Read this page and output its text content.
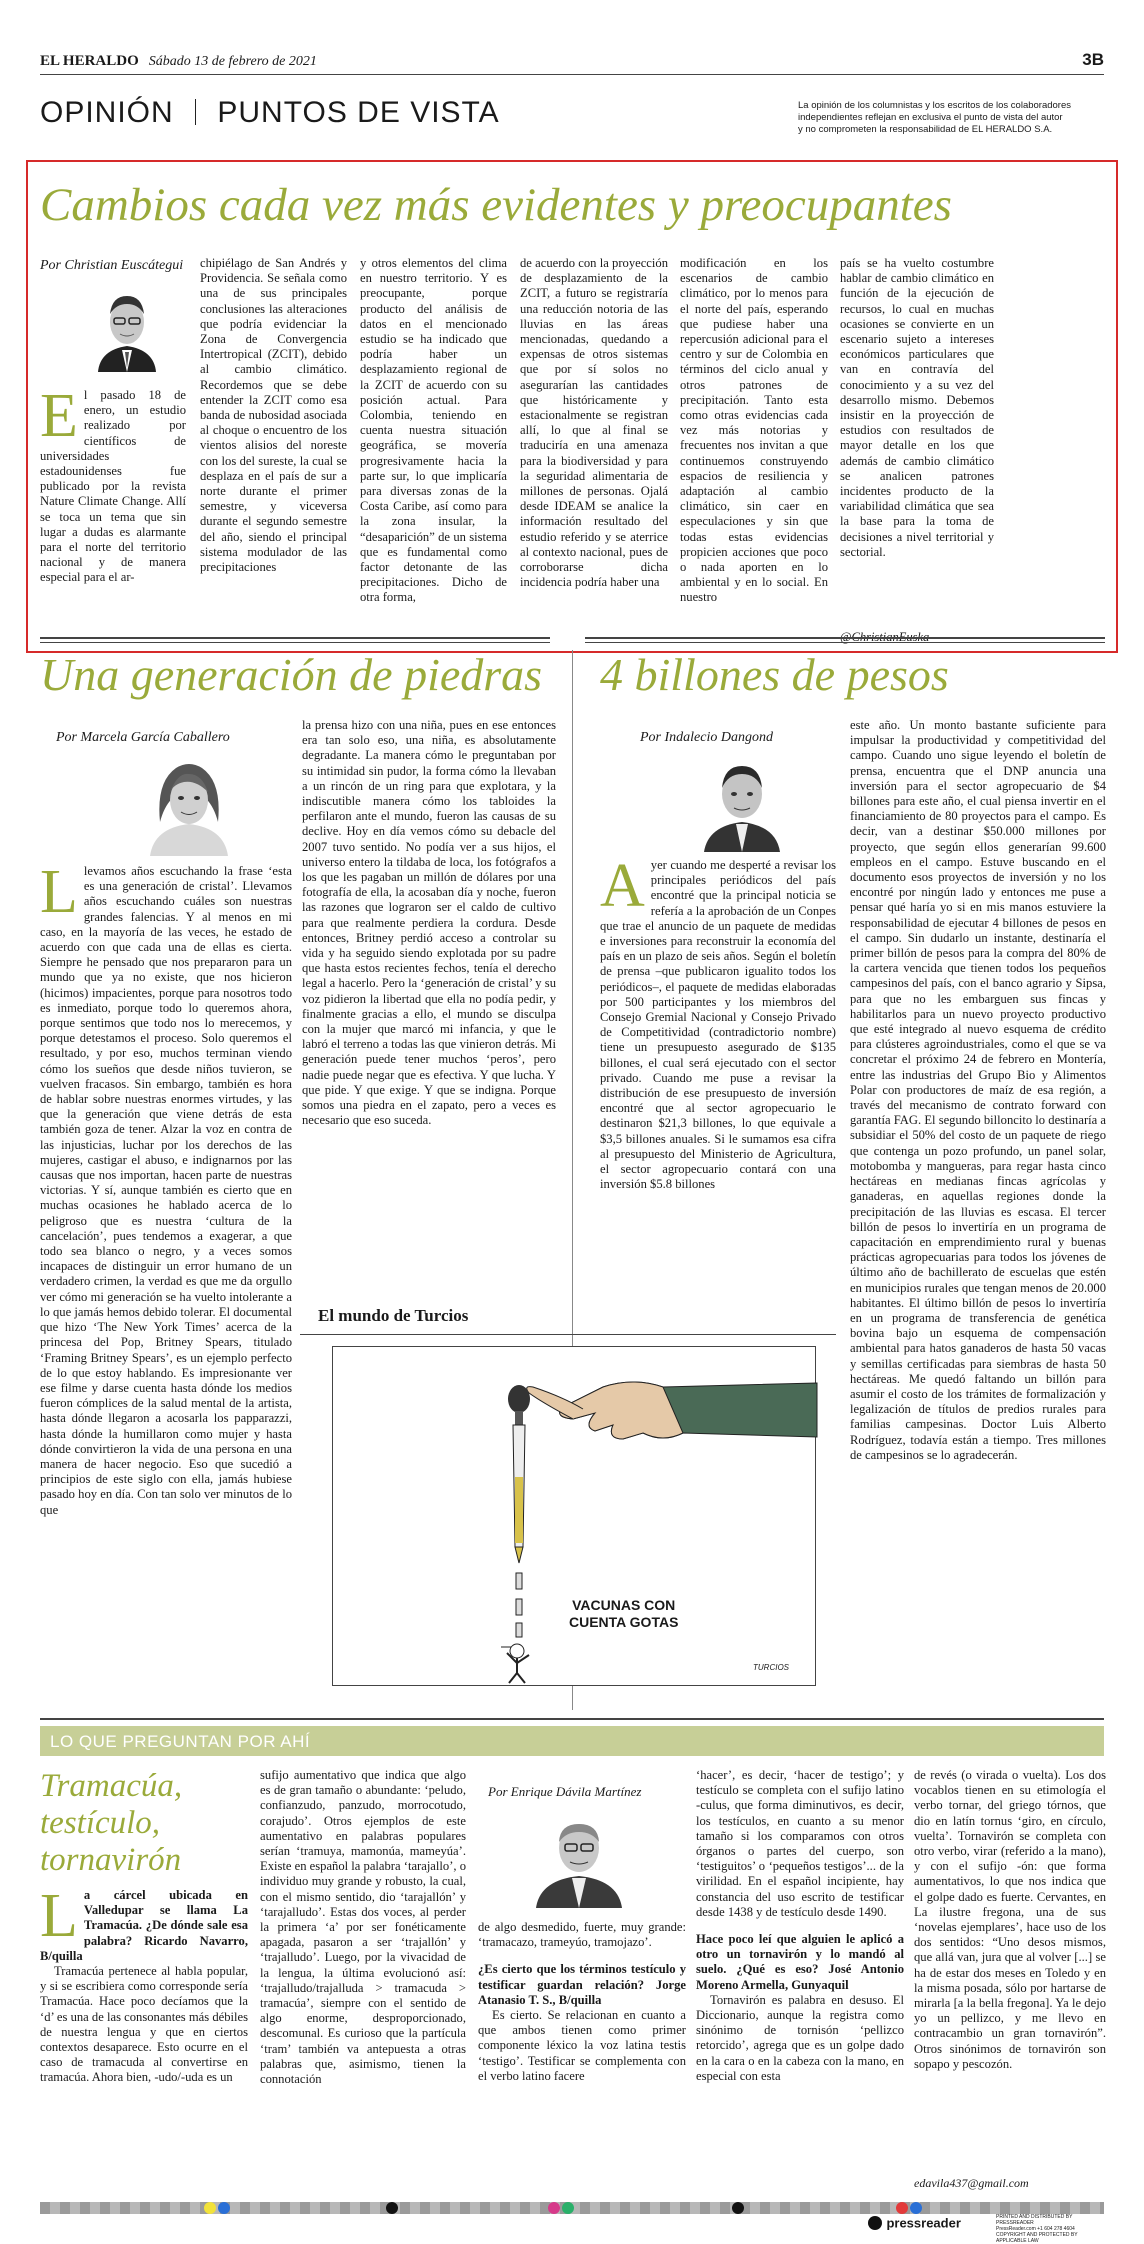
EL HERALDO Sábado 13 de febrero de 2021	3B
OPINIÓN PUNTOS DE VISTA	La opinión de los columnistas y los escritos de los colaboradores
independientes reflejan en exclusiva el punto de vista del autor
y no comprometen la responsabilidad de EL HERALDO S.A.
Cambios cada vez más evidentes y preocupantes
Por Christian Euscátegui
El pasado 18 de enero, un estudio realizado por científicos de universidades estadounidenses fue publicado por la revista Nature Climate Change. Allí se toca un tema que sin lugar a dudas es alarmante para el norte del territorio nacional y de manera especial para el ar-
chipiélago de San Andrés y Providencia. Se señala como una de sus principales conclusiones las alteraciones que podría evidenciar la Zona de Convergencia Intertropical (ZCIT), debido al cambio climático. Recordemos que se debe entender la ZCIT como esa banda de nubosidad asociada al choque o encuentro de los vientos alisios del noreste con los del sureste, la cual se desplaza en el país de sur a norte durante el primer semestre, y viceversa durante el segundo semestre del año, siendo el principal sistema modulador de las precipitaciones
y otros elementos del clima en nuestro territorio. Y es preocupante, porque producto del análisis de datos en el mencionado estudio se ha indicado que podría haber un desplazamiento regional de la ZCIT de acuerdo con su posición actual. Para Colombia, teniendo en cuenta nuestra situación geográfica, se movería progresivamente hacia la parte sur, lo que implicaría para diversas zonas de la Costa Caribe, así como para la zona insular, la “desaparición” de un sistema que es fundamental como factor detonante de las precipitaciones. Dicho de otra forma,
de acuerdo con la proyección de desplazamiento de la ZCIT, a futuro se registraría una reducción notoria de las lluvias en las áreas mencionadas, quedando a expensas de otros sistemas que por sí solos no asegurarían las cantidades que históricamente y estacionalmente se registran allí, lo que al final se traduciría en una amenaza para la biodiversidad y para la seguridad alimentaria de millones de personas. Ojalá desde IDEAM se analice la información resultado del estudio referido y se aterrice al contexto nacional, pues de corroborarse dicha incidencia podría haber una
modificación en los escenarios de cambio climático, por lo menos para el norte del país, esperando que pudiese haber una repercusión adicional para el centro y sur de Colombia en términos del ciclo anual y otros patrones de precipitación. Tanto esta como otras evidencias cada vez más notorias y frecuentes nos invitan a que continuemos construyendo espacios de resiliencia y adaptación al cambio climático, sin caer en especulaciones y sin que todas estas evidencias propicien acciones que poco o nada aporten en lo ambiental y en lo social. En nuestro
país se ha vuelto costumbre hablar de cambio climático en función de la ejecución de recursos, lo cual en muchas ocasiones se convierte en un escenario sujeto a intereses económicos particulares que van en contravía del conocimiento y a su vez del desarrollo mismo. Debemos insistir en la proyección de estudios con resultados de mayor detalle en los que además de cambio climático se analicen patrones incidentes producto de la variabilidad climática que sea la base para la toma de decisiones a nivel territorial y sectorial.
Una generación de piedras
Por Marcela García Caballero
Llevamos años escuchando la frase ‘esta es una generación de cristal’. Llevamos años escuchando cuáles son nuestras grandes falencias. Y al menos en mi caso, en la mayoría de las veces, he estado de acuerdo con que cada una de ellas es cierta. Siempre he pensado que nos prepararon para un mundo que ya no existe, que nos hicieron (hicimos) impacientes, porque para nosotros todo es inmediato, porque todo lo queremos ahora, porque sentimos que todo nos lo merecemos, y porque detestamos el proceso. Solo queremos el resultado, y por eso, muchos terminan viendo cómo los sueños que desde niños tuvieron, se vuelven fracasos. Sin embargo, también es hora de hablar sobre nuestras enormes virtudes, y las que la generación que viene detrás de esta también goza de tener. Alzar la voz en contra de las injusticias, luchar por los derechos de las mujeres, castigar el abuso, e indignarnos por las causas que nos importan, hacen parte de nuestras victorias. Y sí, aunque también es cierto que en muchas ocasiones he hablado acerca de lo peligroso que es nuestra ‘cultura de la cancelación’, pues tendemos a exagerar, a que todo sea blanco o negro, y a veces somos incapaces de distinguir un error humano de un verdadero crimen, la verdad es que me da orgullo ver cómo mi generación se ha vuelto intolerante a lo que jamás hemos debido tolerar. El documental que hizo ‘The New York Times’ acerca de la princesa del Pop, Britney Spears, titulado ‘Framing Britney Spears’, es un ejemplo perfecto de lo que estoy hablando. Es impresionante ver ese filme y darse cuenta hasta dónde los medios fueron cómplices de la salud mental de la artista, hasta dónde llegaron a acosarla los papparazzi, hasta dónde la humillaron como mujer y hasta dónde convirtieron la vida de una persona en una manera de hacer negocio. Eso que sucedió a principios de este siglo con ella, jamás hubiese pasado hoy en día. Con tan solo ver minutos de lo que
la prensa hizo con una niña, pues en ese entonces era tan solo eso, una niña, es absolutamente degradante. La manera cómo le preguntaban por su intimidad sin pudor, la forma cómo la llevaban a un rincón de un ring para que explotara, y la indiscutible manera cómo los tabloides la perfilaron ante el mundo, fueron las causas de su declive. Hoy en día vemos cómo su debacle del 2007 tuvo sentido. No podía ver a sus hijos, el universo entero la tildaba de loca, los fotógrafos a los que les pagaban un millón de dólares por una fotografía de ella, la acosaban día y noche, fueron las razones que lograron ser el caldo de cultivo para que realmente perdiera la cordura. Desde entonces, Britney perdió acceso a controlar su vida y ha seguido siendo explotada por su padre que hasta estos recientes fechos, tenía el derecho legal a hacerlo. Pero la ‘generación de cristal’ y su voz pidieron la libertad que ella no podía pedir, y finalmente gracias a ello, el mundo se disculpa con la mujer que marcó mi infancia, y que le labró el terreno a todas las que vinieron detrás. Mi generación puede tener muchos ‘peros’, pero nadie puede negar que es efectiva. Y que lucha. Y que pide. Y que exige. Y que se indigna. Porque somos una piedra en el zapato, pero a veces es necesario que eso suceda.
4 billones de pesos
Por Indalecio Dangond
Ayer cuando me desperté a revisar los principales periódicos del país encontré que la principal noticia se refería a la aprobación de un Conpes que trae el anuncio de un paquete de medidas e inversiones para reconstruir la economía del país en un plazo de seis años. Según el boletín de prensa –que publicaron igualito todos los periódicos–, el paquete de medidas elaboradas por 500 participantes y los miembros del Consejo Gremial Nacional y Consejo Privado de Competitividad (contradictorio nombre) tiene un presupuesto asegurado de $135 billones, el cual será ejecutado con el sector privado. Cuando me puse a revisar la distribución de ese presupuesto de inversión encontré que al sector agropecuario le destinaron $21,3 billones, lo que equivale a $3,5 billones anuales. Si le sumamos esa cifra al presupuesto del Ministerio de Agricultura, el sector agropecuario contará con una inversión $5.8 billones
este año. Un monto bastante suficiente para impulsar la productividad y competitividad del campo. Cuando uno sigue leyendo el boletín de prensa, encuentra que el DNP anuncia una inversión para el sector agropecuario de $4 billones para este año, el cual piensa invertir en el financiamiento de 80 proyectos para el campo. Es decir, van a destinar $50.000 millones por proyecto, que según ellos generarían 99.600 empleos en el campo. Estuve buscando en el documento esos proyectos de inversión y no los encontré por ningún lado y entonces me puse a pensar qué haría yo si en mis manos estuviere la responsabilidad de ejecutar 4 billones de pesos en el campo. Sin dudarlo un instante, destinaría el primer billón de pesos para la compra del 80% de la cartera vencida que tienen todos los pequeños campesinos del país, con el banco agrario y Sipsa, para que no les embarguen sus fincas y habilitarlos para un nuevo proyecto productivo que esté integrado al nuevo esquema de crédito para clústeres agroindustriales, como el que se va concretar el próximo 24 de febrero en Montería, entre las industrias del Grupo Bio y Alimentos Polar con productores de maíz de esa región, a través del mecanismo de contrato forward con garantía FAG. El segundo billoncito lo destinaría a subsidiar el 50% del costo de un paquete de riego que contenga un pozo profundo, un panel solar, motobomba y mangueras, para regar hasta cinco hectáreas en medianas fincas agrícolas y ganaderas, en aquellas regiones donde la precipitación de las lluvias es escasa. El tercer billón de pesos lo invertiría en un programa de capacitación en emprendimiento rural y buenas prácticas agropecuarias para todos los jóvenes de último año de bachillerato de escuelas que estén en municipios rurales que tengan menos de 20.000 habitantes. El último billón de pesos lo invertiría en un programa de transferencia de genética bovina bajo un esquema de compensación ambiental para hatos ganaderos de hasta 50 vacas y semillas certificadas para siembras de hasta 50 hectáreas. Me quedó faltando un billón para asumir el costo de los trámites de formalización y legalización de títulos de predios rurales para familias campesinas. Doctor Luis Alberto Rodríguez, todavía están a tiempo. Tres millones de campesinos se lo agradecerán.
El mundo de Turcios
VACUNAS CON
CUENTA GOTAS
TURCIOS
LO QUE PREGUNTAN POR AHÍ
Tramacúa,
testículo,
tornavirón
La cárcel ubicada en Valledupar se llama La Tramacúa. ¿De dónde sale esa palabra? Ricardo Navarro, B/quilla

Tramacúa pertenece al habla popular, y si se escribiera como corresponde sería Tramacúa. Hace poco decíamos que la ‘d’ es una de las consonantes más débiles de nuestra lengua y que en ciertos contextos desaparece. Esto ocurre en el caso de tramacuda al convertirse en tramacúa. Ahora bien, -udo/-uda es un

sufijo aumentativo que indica que algo es de gran tamaño o abundante: ‘peludo, confianzudo, panzudo, morrocotudo, corajudo’. Otros ejemplos de este aumentativo en palabras populares serían ‘tramuya, mamonúa, mameyúa’. Existe en español la palabra ‘tarajallo’, o individuo muy grande y robusto, la cual, con el mismo sentido, dio ‘tarajallón’ y ‘tarajalludo’. Estas dos voces, al perder la primera ‘a’ por ser fonéticamente apagada, pasaron a ser ‘trajallón’ y ‘trajalludo’. Luego, por la vivacidad de la lengua, la última evolucionó así: ‘trajalludo/trajalluda > tramacuda > tramacúa’, siempre con el sentido de algo enorme, desproporcionado, descomunal. Es curioso que la partícula ‘tram’ también va antepuesta a otras palabras que, asimismo, tienen la connotación
Por Enrique Dávila Martínez
de algo desmedido, fuerte, muy grande: ‘tramacazo, trameyúo, tramojazo’.

¿Es cierto que los términos testículo y testificar guardan relación? Jorge Atanasio T. S., B/quilla

Es cierto. Se relacionan en cuanto a que ambos tienen como primer componente léxico la voz latina testis ‘testigo’. Testificar se complementa con el verbo latino facere

‘hacer’, es decir, ‘hacer de testigo’; y testículo se completa con el sufijo latino -culus, que forma diminutivos, es decir, los testículos, en cuanto a su menor tamaño si los comparamos con otros órganos o partes del cuerpo, son ‘testiguitos’ o ‘pequeños testigos’... de la virilidad. En el español incipiente, hay constancia del uso escrito de testificar desde 1438 y de testículo desde 1490.

Hace poco leí que alguien le aplicó a otro un tornavirón y lo mandó al suelo. ¿Qué es eso? José Antonio Moreno Armella, Gunyaquil

Tornavirón es palabra en desuso. El Diccionario, aunque la registra como sinónimo de tornisón ‘pellizco retorcido’, agrega que es un golpe dado en la cara o en la cabeza con la mano, en especial con esta

de revés (o virada o vuelta). Los dos vocablos tienen en su etimología el verbo tornar, del griego tórnos, que dio en latín tornus ‘giro, en círculo, vuelta’. Tornavirón se completa con otro verbo, virar (referido a la mano), y con el sufijo -ón: que forma aumentativos, lo que nos indica que el golpe dado es fuerte. Cervantes, en La ilustre fregona, una de sus ‘novelas ejemplares’, hace uso de los dos sentidos: “Uno desos mismos, que allá van, jura que al volver [...] se ha de estar dos meses en Toledo y en la misma posada, sólo por hartarse de mirarla [a la bella fregona]. Ya le dejo yo un pellizco, y me llevo en contracambio un gran tornavirón”. Otros sinónimos de tornavirón son sopapo y pescozón.
edavila437@gmail.com
pressreader	PRINTED AND DISTRIBUTED BY PRESSREADER
PressReader.com +1 604 278 4604
COPYRIGHT AND PROTECTED BY APPLICABLE LAW
